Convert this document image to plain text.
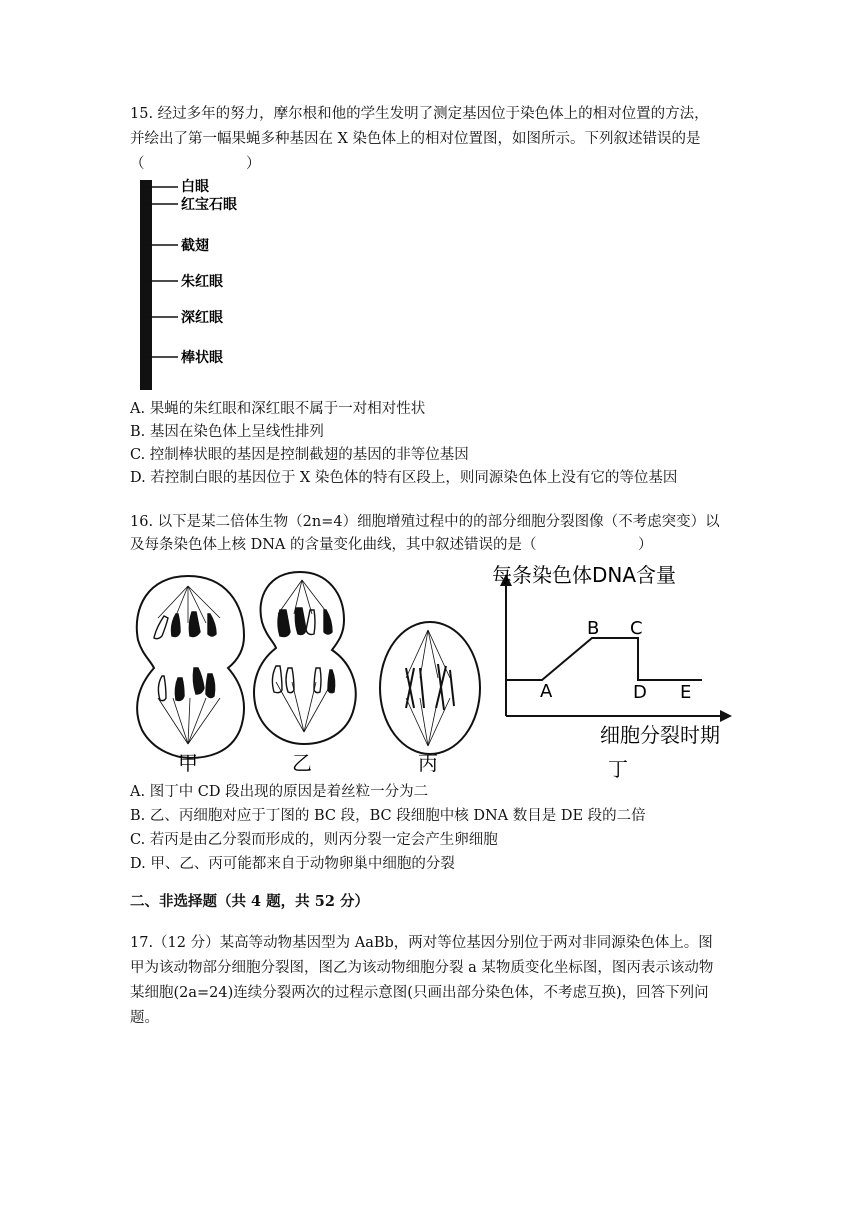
15. 经过多年的努力，摩尔根和他的学生发明了测定基因位于染色体上的相对位置的方法，
并绘出了第一幅果蝇多种基因在 X 染色体上的相对位置图，如图所示。下列叙述错误的是
（　　　　　　　）
白眼
红宝石眼
截翅
朱红眼
深红眼
棒状眼
A. 果蝇的朱红眼和深红眼不属于一对相对性状
B. 基因在染色体上呈线性排列
C. 控制棒状眼的基因是控制截翅的基因的非等位基因
D. 若控制白眼的基因位于 X 染色体的特有区段上，则同源染色体上没有它的等位基因
16. 以下是某二倍体生物（2n=4）细胞增殖过程中的的部分细胞分裂图像（不考虑突变）以
及每条染色体上核 DNA 的含量变化曲线，其中叙述错误的是（　　　　　　　）
甲	乙	丙	丁
每条染色体DNA含量
细胞分裂时期
A
B C
D E
A. 图丁中 CD 段出现的原因是着丝粒一分为二
B. 乙、丙细胞对应于丁图的 BC 段，BC 段细胞中核 DNA 数目是 DE 段的二倍
C. 若丙是由乙分裂而形成的，则丙分裂一定会产生卵细胞
D. 甲、乙、丙可能都来自于动物卵巢中细胞的分裂
二、非选择题（共 4 题，共 52 分）
17.（12 分）某高等动物基因型为 AaBb，两对等位基因分别位于两对非同源染色体上。图
甲为该动物部分细胞分裂图，图乙为该动物细胞分裂 a 某物质变化坐标图，图丙表示该动物
某细胞(2a=24)连续分裂两次的过程示意图(只画出部分染色体，不考虑互换)，回答下列问
题。
